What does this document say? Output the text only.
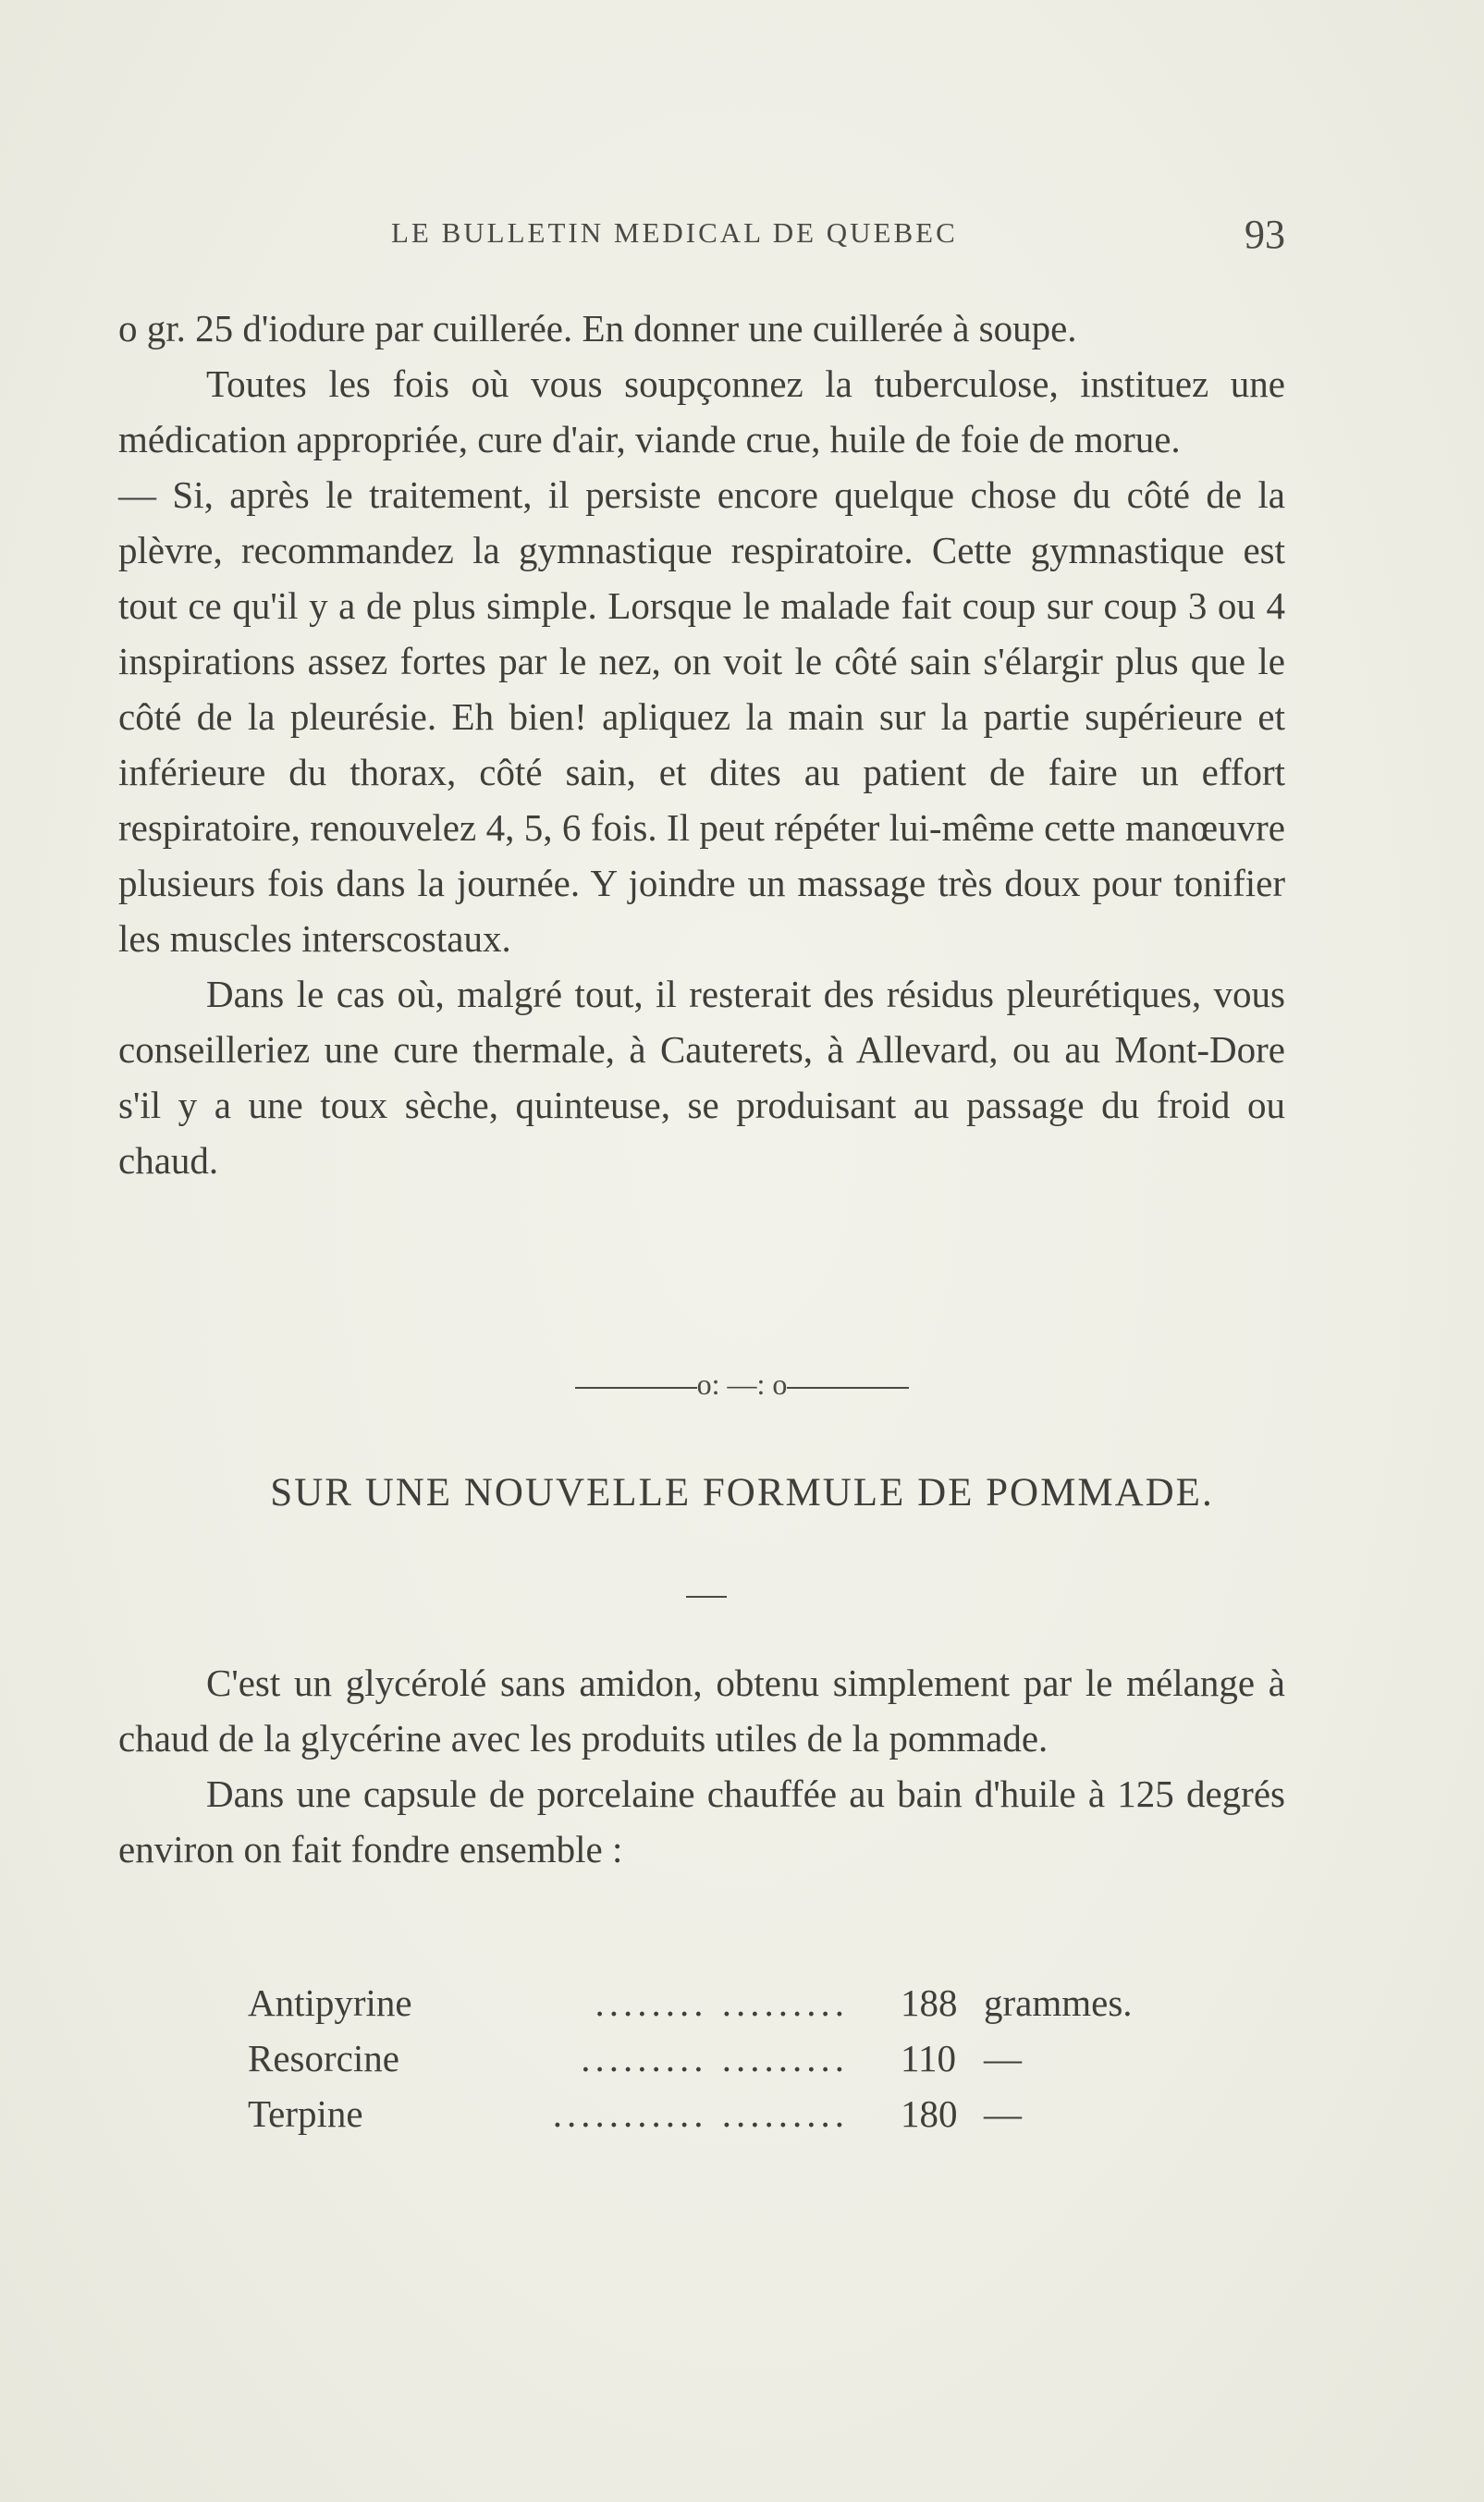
LE BULLETIN MEDICAL DE QUEBEC	93

o gr. 25 d'iodure par cuillerée. En donner une cuillerée à soupe.

Toutes les fois où vous soupçonnez la tuberculose, instituez une médication appropriée, cure d'air, viande crue, huile de foie de morue.

— Si, après le traitement, il persiste encore quelque chose du côté de la plèvre, recommandez la gymnastique respiratoire. Cette gymnastique est tout ce qu'il y a de plus simple. Lorsque le malade fait coup sur coup 3 ou 4 inspirations assez fortes par le nez, on voit le côté sain s'élargir plus que le côté de la pleurésie. Eh bien! apliquez la main sur la partie supérieure et inférieure du thorax, côté sain, et dites au patient de faire un effort respiratoire, renouvelez 4, 5, 6 fois. Il peut répéter lui-même cette manœuvre plusieurs fois dans la journée. Y joindre un massage très doux pour tonifier les muscles interscostaux.

Dans le cas où, malgré tout, il resterait des résidus pleurétiques, vous conseilleriez une cure thermale, à Cauterets, à Allevard, ou au Mont-Dore s'il y a une toux sèche, quinteuse, se produisant au passage du froid ou chaud.

o: —: o
SUR UNE NOUVELLE FORMULE DE POMMADE.

C'est un glycérolé sans amidon, obtenu simplement par le mélange à chaud de la glycérine avec les produits utiles de la pommade.

Dans une capsule de porcelaine chauffée au bain d'huile à 125 degrés environ on fait fondre ensemble :

........ .........
Antipyrine	188 grammes.
......... .........
Resorcine	110 —
........... .........
Terpine	180 —
